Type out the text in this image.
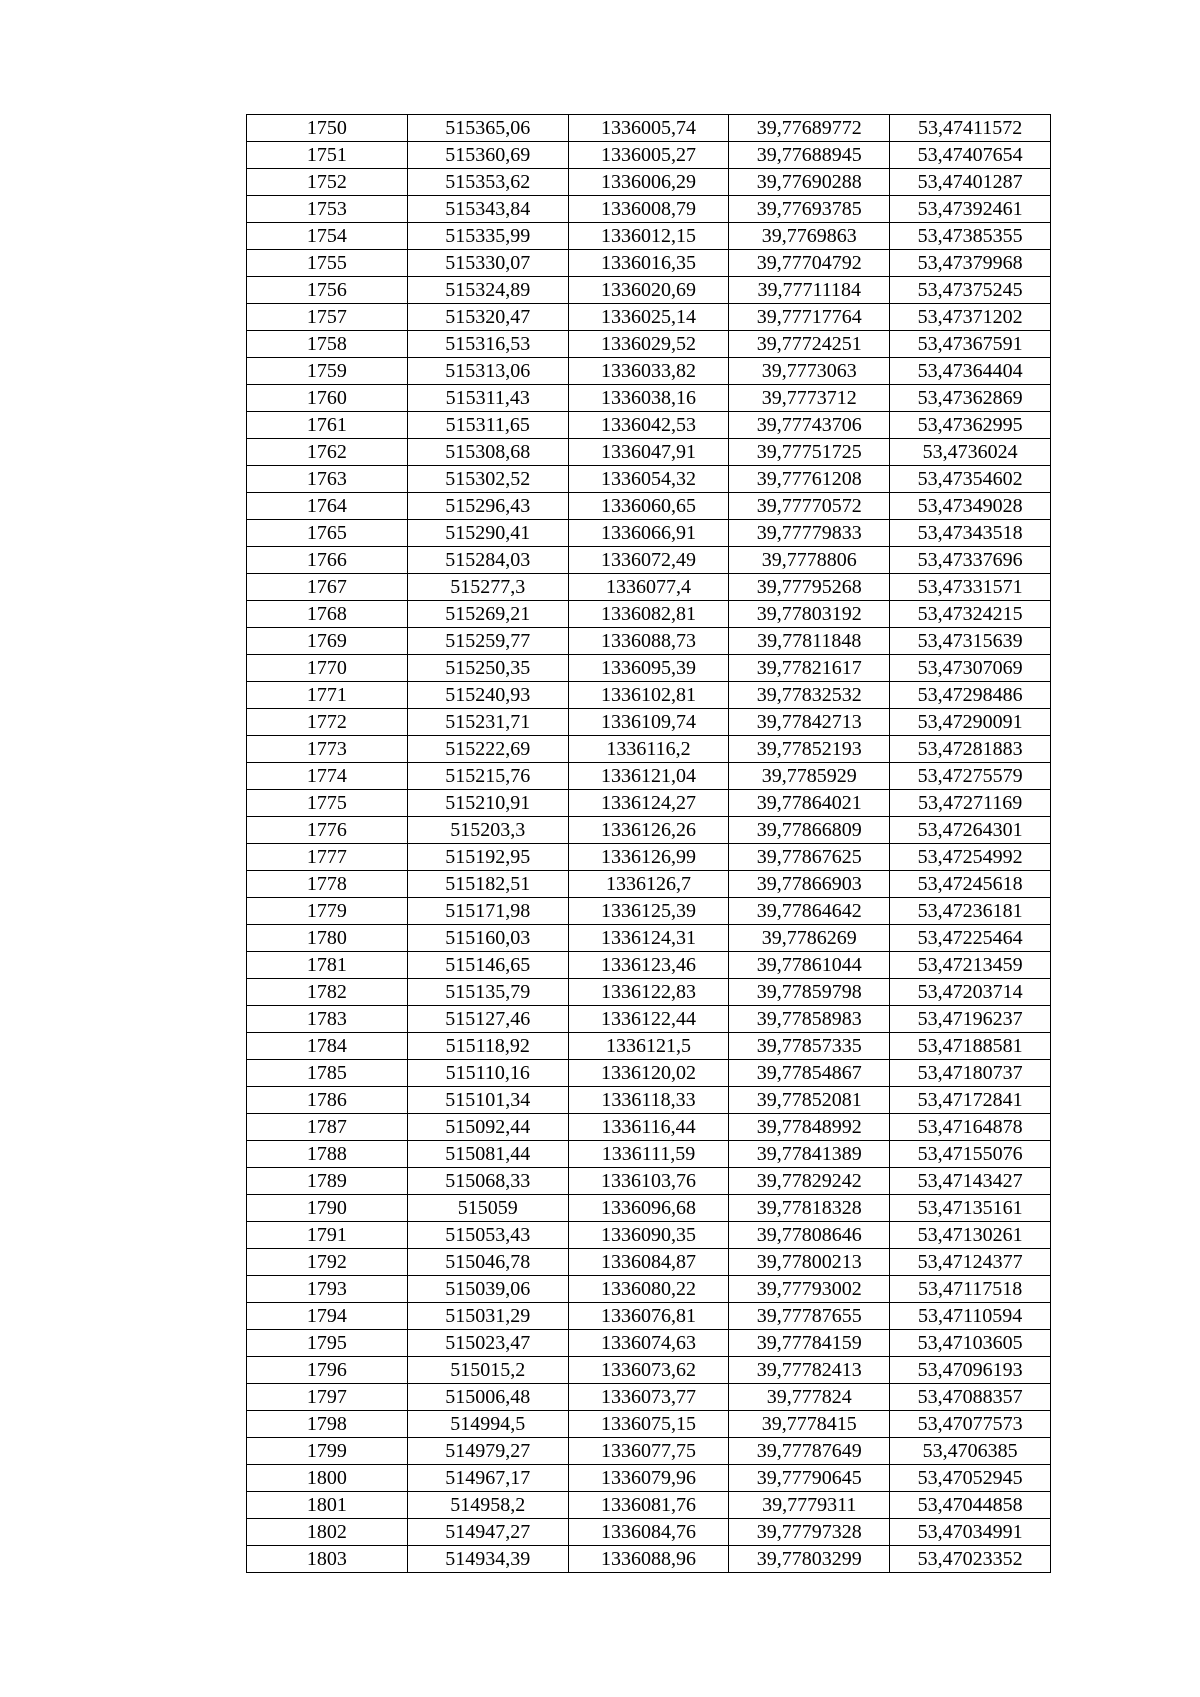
1750	515365,06	1336005,74	39,77689772	53,47411572
1751	515360,69	1336005,27	39,77688945	53,47407654
1752	515353,62	1336006,29	39,77690288	53,47401287
1753	515343,84	1336008,79	39,77693785	53,47392461
1754	515335,99	1336012,15	39,7769863	53,47385355
1755	515330,07	1336016,35	39,77704792	53,47379968
1756	515324,89	1336020,69	39,77711184	53,47375245
1757	515320,47	1336025,14	39,77717764	53,47371202
1758	515316,53	1336029,52	39,77724251	53,47367591
1759	515313,06	1336033,82	39,7773063	53,47364404
1760	515311,43	1336038,16	39,7773712	53,47362869
1761	515311,65	1336042,53	39,77743706	53,47362995
1762	515308,68	1336047,91	39,77751725	53,4736024
1763	515302,52	1336054,32	39,77761208	53,47354602
1764	515296,43	1336060,65	39,77770572	53,47349028
1765	515290,41	1336066,91	39,77779833	53,47343518
1766	515284,03	1336072,49	39,7778806	53,47337696
1767	515277,3	1336077,4	39,77795268	53,47331571
1768	515269,21	1336082,81	39,77803192	53,47324215
1769	515259,77	1336088,73	39,77811848	53,47315639
1770	515250,35	1336095,39	39,77821617	53,47307069
1771	515240,93	1336102,81	39,77832532	53,47298486
1772	515231,71	1336109,74	39,77842713	53,47290091
1773	515222,69	1336116,2	39,77852193	53,47281883
1774	515215,76	1336121,04	39,7785929	53,47275579
1775	515210,91	1336124,27	39,77864021	53,47271169
1776	515203,3	1336126,26	39,77866809	53,47264301
1777	515192,95	1336126,99	39,77867625	53,47254992
1778	515182,51	1336126,7	39,77866903	53,47245618
1779	515171,98	1336125,39	39,77864642	53,47236181
1780	515160,03	1336124,31	39,7786269	53,47225464
1781	515146,65	1336123,46	39,77861044	53,47213459
1782	515135,79	1336122,83	39,77859798	53,47203714
1783	515127,46	1336122,44	39,77858983	53,47196237
1784	515118,92	1336121,5	39,77857335	53,47188581
1785	515110,16	1336120,02	39,77854867	53,47180737
1786	515101,34	1336118,33	39,77852081	53,47172841
1787	515092,44	1336116,44	39,77848992	53,47164878
1788	515081,44	1336111,59	39,77841389	53,47155076
1789	515068,33	1336103,76	39,77829242	53,47143427
1790	515059	1336096,68	39,77818328	53,47135161
1791	515053,43	1336090,35	39,77808646	53,47130261
1792	515046,78	1336084,87	39,77800213	53,47124377
1793	515039,06	1336080,22	39,77793002	53,47117518
1794	515031,29	1336076,81	39,77787655	53,47110594
1795	515023,47	1336074,63	39,77784159	53,47103605
1796	515015,2	1336073,62	39,77782413	53,47096193
1797	515006,48	1336073,77	39,777824	53,47088357
1798	514994,5	1336075,15	39,7778415	53,47077573
1799	514979,27	1336077,75	39,77787649	53,4706385
1800	514967,17	1336079,96	39,77790645	53,47052945
1801	514958,2	1336081,76	39,7779311	53,47044858
1802	514947,27	1336084,76	39,77797328	53,47034991
1803	514934,39	1336088,96	39,77803299	53,47023352
